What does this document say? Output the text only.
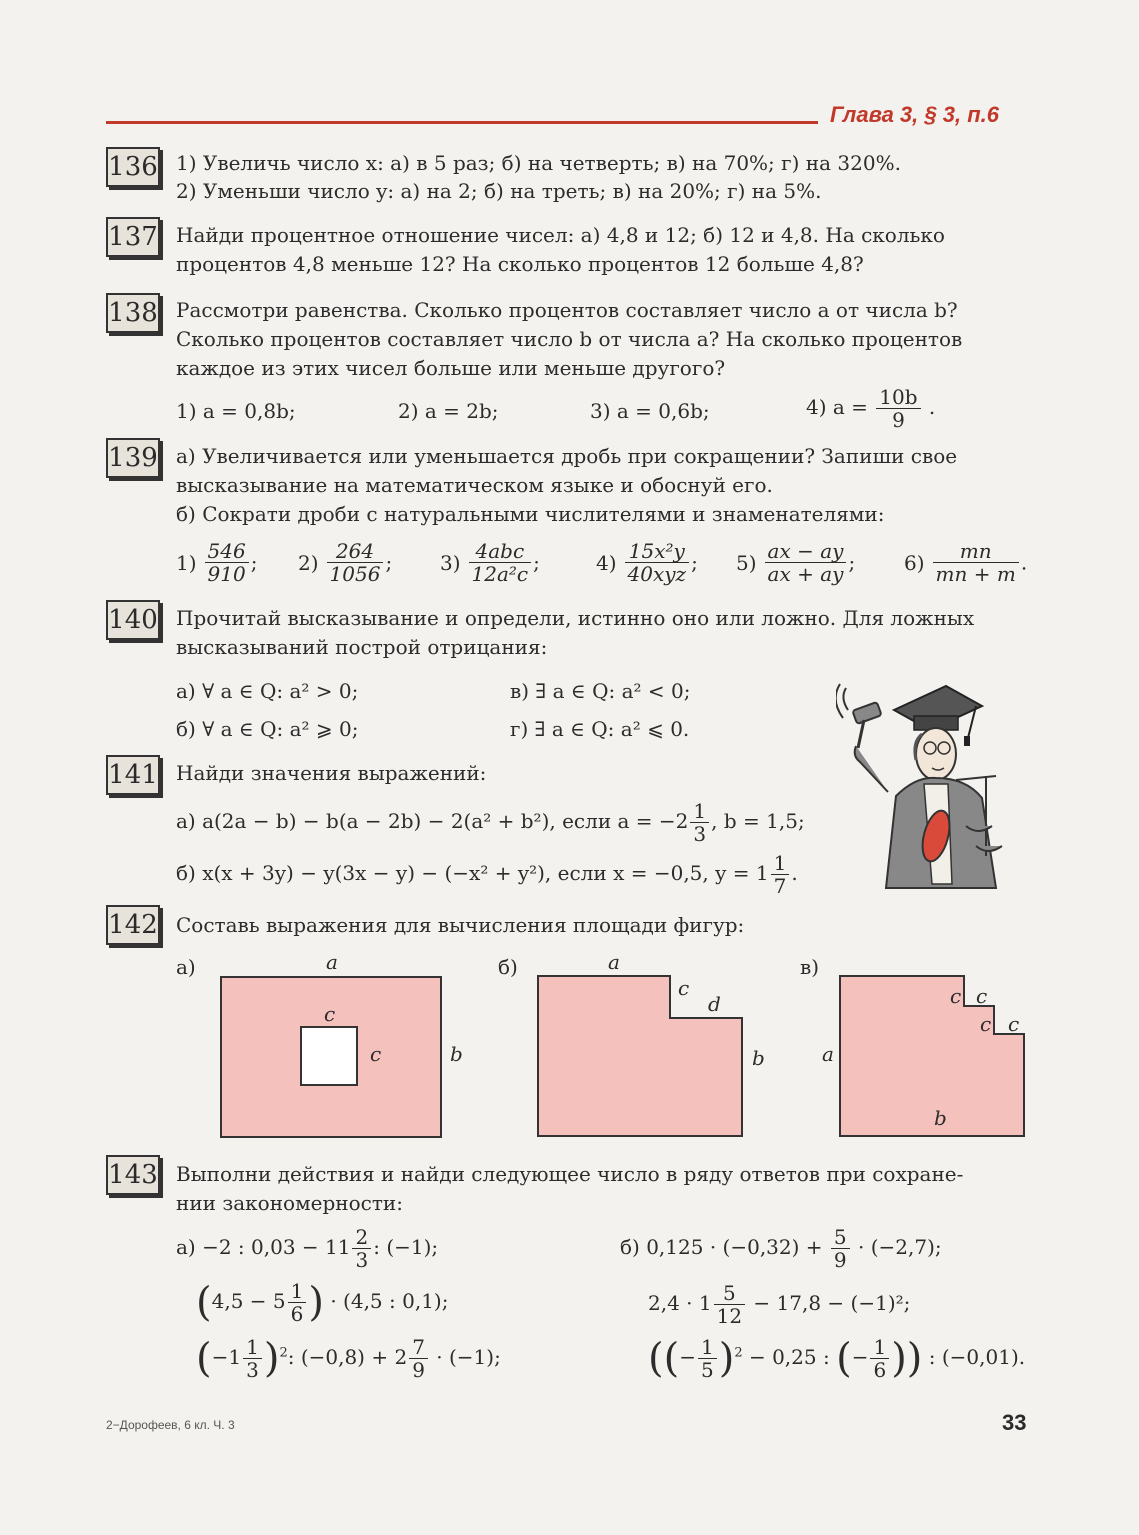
Глава 3, § 3, п.6
136 1) Увеличь число x: а) в 5 раз; б) на четверть; в) на 70%; г) на 320%.
2) Уменьши число y: а) на 2; б) на треть; в) на 20%; г) на 5%.
137 Найди процентное отношение чисел: а) 4,8 и 12; б) 12 и 4,8. На сколько
процентов 4,8 меньше 12? На сколько процентов 12 больше 4,8?
138 Рассмотри равенства. Сколько процентов составляет число a от числа b?
Сколько процентов составляет число b от числа a? На сколько процентов
каждое из этих чисел больше или меньше другого?
1) a = 0,8b;	2) a = 2b;	3) a = 0,6b;	4) $a = \frac{10b}{9}$ .
139 а) Увеличивается или уменьшается дробь при сокращении? Запиши свое
высказывание на математическом языке и обоснуй его.
б) Сократи дроби с натуральными числителями и знаменателями:
$1) \frac{546}{910}$ ; $2) \frac{264}{1056}$ ; $3) \frac{\text{4abc}}{\text{12a²c}}$ ;	$4) \frac{\text{15x²y}}{\text{40xyz}}$ ; $5) \frac{ax - ay}{ax + ay}$ ; $6) \frac{mn}{mn + m}$ .
140 Прочитай высказывание и определи, истинно оно или ложно. Для ложных
высказываний построй отрицания:
а) ∀ a ∈ Q: a² > 0;
б) ∀ a ∈ Q: a² ⩾ 0;
в) ∃ a ∈ Q: a² < 0;
г) ∃ a ∈ Q: a² ⩽ 0.
141 Найди значения выражений:
а) a(2a − b) − b(a − 2b) − 2(a² + b²), если $a = -2 \frac{1}{3}$ , b = 1,5;
б) x(x + 3y) − y(3x − y) − (−x² + y²), если x = −0,5, $y = 1 \frac{1}{7}$ .
142 Составь выражения для вычисления площади фигур:
а)	a
c
c	b
б)	a
c
d
b
в)
a
b
c c
c c
143 Выполни действия и найди следующее число в ряду ответов при сохране-
нии закономерности:
а) −2 : $0,03 - 11 \frac{2}{3}$ : (−1);
($4,5 - 5 \frac{1}{6}$ ) · (4,5 : 0,1);
$(-1 \frac{1}{3} )^2$: $(-0,8) + 2 \frac{7}{9} \cdot (-1)$;
б) $0,125 \cdot (-0,32) + \frac{5}{9} \cdot (-2,7)$;
$2,4 \cdot 1 \frac{5}{12} - 17,8 - (-1)^2$;
((− $\frac{1}{5} )^2 - 0,25$ : (− $\frac{1}{6}$ )) : (−0,01).
2−Дорофеев, 6 кл. Ч. 3	33
